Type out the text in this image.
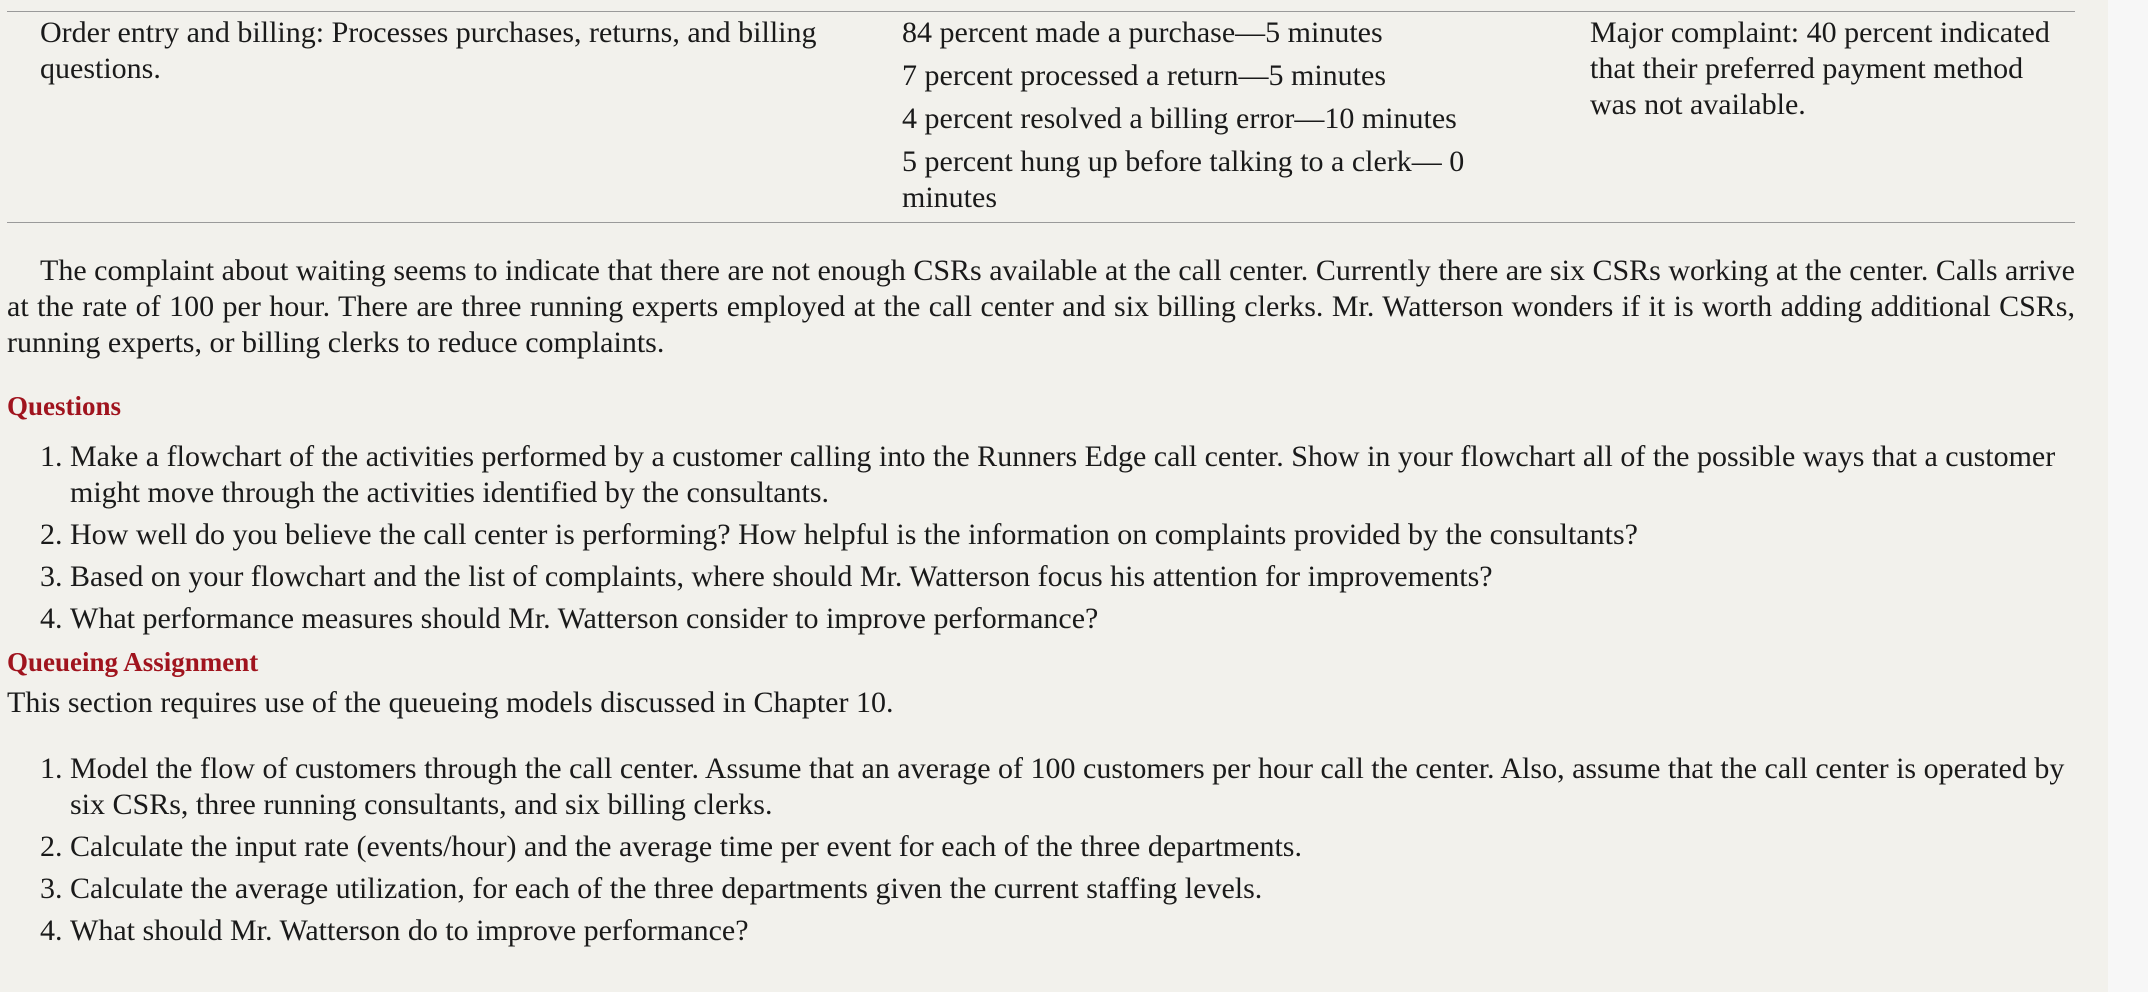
Order entry and billing: Processes purchases, returns, and billing questions.
84 percent made a purchase—5 minutes
7 percent processed a return—5 minutes
4 percent resolved a billing error—10 minutes
5 percent hung up before talking to a clerk— 0 minutes
Major complaint: 40 percent indicated that their preferred payment method was not available.

The complaint about waiting seems to indicate that there are not enough CSRs available at the call center. Currently there are six CSRs working at the center. Calls arrive at the rate of 100 per hour. There are three running experts employed at the call center and six billing clerks. Mr. Watterson wonders if it is worth adding additional CSRs, running experts, or billing clerks to reduce complaints.

Questions
1. Make a flowchart of the activities performed by a customer calling into the Runners Edge call center. Show in your flowchart all of the possible ways that a customer might move through the activities identified by the consultants.
2. How well do you believe the call center is performing? How helpful is the information on complaints provided by the consultants?
3. Based on your flowchart and the list of complaints, where should Mr. Watterson focus his attention for improvements?
4. What performance measures should Mr. Watterson consider to improve performance?
Queueing Assignment

This section requires use of the queueing models discussed in Chapter 10.

1. Model the flow of customers through the call center. Assume that an average of 100 customers per hour call the center. Also, assume that the call center is operated by six CSRs, three running consultants, and six billing clerks.
2. Calculate the input rate (events/hour) and the average time per event for each of the three departments.
3. Calculate the average utilization, for each of the three departments given the current staffing levels.
4. What should Mr. Watterson do to improve performance?
